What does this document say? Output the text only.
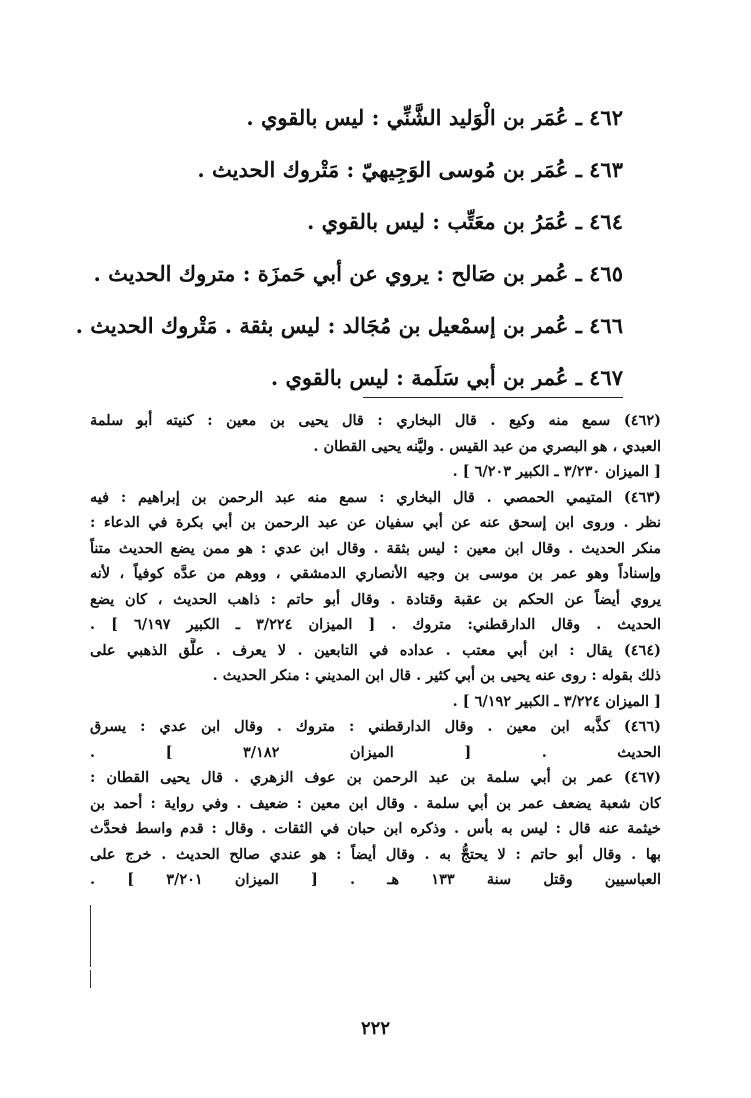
٤٦٢ ـ عُمَر بن الْوَليد الشَّنِّي : ليس بالقوي .
٤٦٣ ـ عُمَر بن مُوسى الوَجِيهيّ : مَتْروك الحديث .
٤٦٤ ـ عُمَرُ بن معَتِّب : ليس بالقوي .
٤٦٥ ـ عُمر بن صَالح : يروي عن أبي حَمزَة : متروك الحديث .
٤٦٦ ـ عُمر بن إسمْعيل بن مُجَالد : ليس بثقة . مَتْروك الحديث .
٤٦٧ ـ عُمر بن أبي سَلَمة : ليس بالقوي .
(٤٦٢) سمع منه وكيع . قال البخاري : قال يحيى بن معين : كنيته أبو سلمة
العبدي ، هو البصري من عبد القيس . وليَّنه يحيى القطان .
[ الميزان ٣/٢٣٠ ـ الكبير ٦/٢٠٣ ] .
(٤٦٣) المتيمي الحمصي . قال البخاري : سمع منه عبد الرحمن بن إبراهيم : فيه
نظر . وروى ابن إسحق عنه عن أبي سفيان عن عبد الرحمن بن أبي بكرة في الدعاء :
منكر الحديث . وقال ابن معين : ليس بثقة . وقال ابن عدي : هو ممن يضع الحديث متناً
وإسناداً وهو عمر بن موسى بن وجيه الأنصاري الدمشقي ، ووهم من عدَّه كوفياً ، لأنه
يروي أيضاً عن الحكم بن عقبة وقتادة . وقال أبو حاتم : ذاهب الحديث ، كان يضع
الحديث . وقال الدارقطني: متروك . [ الميزان ٣/٢٢٤ ـ الكبير ٦/١٩٧ ] .
(٤٦٤) يقال : ابن أبي معتب . عداده في التابعين . لا يعرف . علَّق الذهبي على
ذلك بقوله : روى عنه يحيى بن أبي كثير . قال ابن المديني : منكر الحديث .
[ الميزان ٣/٢٢٤ ـ الكبير ٦/١٩٢ ] .
(٤٦٦) كذَّبه ابن معين . وقال الدارقطني : متروك . وقال ابن عدي : يسرق
الحديث . [ الميزان ٣/١٨٢ ] .
(٤٦٧) عمر بن أبي سلمة بن عبد الرحمن بن عوف الزهري . قال يحيى القطان :
كان شعبة يضعف عمر بن أبي سلمة . وقال ابن معين : ضعيف . وفي رواية : أحمد بن
خيثمة عنه قال : ليس به بأس . وذكره ابن حبان في الثقات . وقال : قدم واسط فحدَّث
بها . وقال أبو حاتم : لا يحتجُّ به . وقال أيضاً : هو عندي صالح الحديث . خرج على
العباسيين وقتل سنة ١٣٣ هـ . [ الميزان ٣/٢٠١ ] .
٢٢٢
